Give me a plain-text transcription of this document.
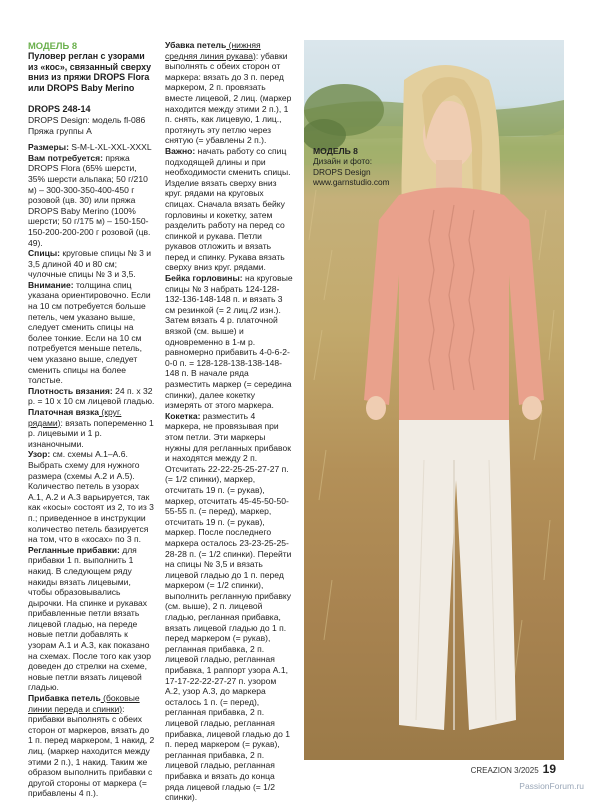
МОДЕЛЬ 8

Пуловер реглан с узорами из «кос», связанный сверху вниз из пряжи DROPS Flora или DROPS Baby Merino

DROPS 248-14

DROPS Design: модель fl-086

Пряжа группы А

Размеры: S-M-L-XL-XXL-XXXL

Вам потребуется: пряжа DROPS Flora (65% шерсти, 35% шерсти альпака; 50 г/210 м) – 300-300-350-400-450 г розовой (цв. 30) или пряжа DROPS Baby Merino (100% шерсти; 50 г/175 м) – 150-150-150-200-200-200 г розовой (цв. 49).

Спицы: круговые спицы № 3 и 3,5 длиной 40 и 80 см; чулочные спицы № 3 и 3,5.

Внимание: толщина спиц указана ориентировочно. Если на 10 см потребуется больше петель, чем указано выше, следует сменить спицы на более тонкие. Если на 10 см потребуется меньше петель, чем указано выше, следует сменить спицы на более толстые.

Плотность вязания: 24 п. х 32 р. = 10 х 10 см лицевой гладью.

Платочная вязка (круг. рядами): вязать попеременно 1 р. лицевыми и 1 р. изнаночными.

Узор: см. схемы А.1–А.6. Выбрать схему для нужного размера (схемы А.2 и А.5). Количество петель в узорах А.1, А.2 и А.3 варьируется, так как «косы» состоят из 2, то из 3 п.; приведенное в инструкции количество петель базируется на том, что в «косах» по 3 п.

Регланные прибавки: для прибавки 1 п. выполнить 1 накид. В следующем ряду накиды вязать лицевыми, чтобы образовывались дырочки. На спинке и рукавах прибавленные петли вязать лицевой гладью, на переде новые петли добавлять к узорам А.1 и А.3, как показано на схемах. После того как узор доведен до стрелки на схеме, новые петли вязать лицевой гладью.

Прибавка петель (боковые линии переда и спинки): прибавки выполнять с обеих сторон от маркеров, вязать до 1 п. перед маркером, 1 накид, 2 лиц. (маркер находится между этими 2 п.), 1 накид. Таким же образом выполнить прибавки с другой стороны от маркера (= прибавлены 4 п.).

Убавка петель (нижняя средняя линия рукава): убавки выполнять с обеих сторон от маркера: вязать до 3 п. перед маркером, 2 п. провязать вместе лицевой, 2 лиц. (маркер находится между этими 2 п.), 1 п. снять, как лицевую, 1 лиц., протянуть эту петлю через снятую (= убавлены 2 п.).

Важно: начать работу со спиц подходящей длины и при необходимости сменить спицы. Изделие вязать сверху вниз круг. рядами на круговых спицах. Сначала вязать бейку горловины и кокетку, затем разделить работу на перед со спинкой и рукава. Петли рукавов отложить и вязать перед и спинку. Рукава вязать сверху вниз круг. рядами.

Бейка горловины: на круговые спицы № 3 набрать 124-128-132-136-148-148 п. и вязать 3 см резинкой (= 2 лиц./2 изн.). Затем вязать 4 р. платочной вязкой (см. выше) и одновременно в 1-м р. равномерно прибавить 4-0-6-2-0-0 п. = 128-128-138-138-148-148 п. В начале ряда разместить маркер (= середина спинки), далее кокетку измерять от этого маркера.

Кокетка: разместить 4 маркера, не провязывая при этом петли. Эти маркеры нужны для регланных прибавок и находятся между 2 п. Отсчитать 22-22-25-25-27-27 п. (= 1/2 спинки), маркер, отсчитать 19 п. (= рукав), маркер, отсчитать 45-45-50-50-55-55 п. (= перед), маркер, отсчитать 19 п. (= рукав), маркер. После последнего маркера осталось 23-23-25-25-28-28 п. (= 1/2 спинки). Перейти на спицы № 3,5 и вязать лицевой гладью до 1 п. перед маркером (= 1/2 спинки), выполнить регланную прибавку (см. выше), 2 п. лицевой гладью, регланная прибавка, вязать лицевой гладью до 1 п. перед маркером (= рукав), регланная прибавка, 2 п. лицевой гладью, регланная прибавка, 1 раппорт узора А.1, 17-17-22-22-27-27 п. узором А.2, узор А.3, до маркера осталось 1 п. (= перед), регланная прибавка, 2 п. лицевой гладью, регланная прибавка, лицевой гладью до 1 п. перед маркером (= рукав), регланная прибавка, 2 п. лицевой гладью, регланная прибавка и вязать до конца ряда лицевой гладью (= 1/2 спинки).

МОДЕЛЬ 8
Дизайн и фото:
DROPS Design
www.garnstudio.com
CREAZION 3/2025 19
PassionForum.ru
